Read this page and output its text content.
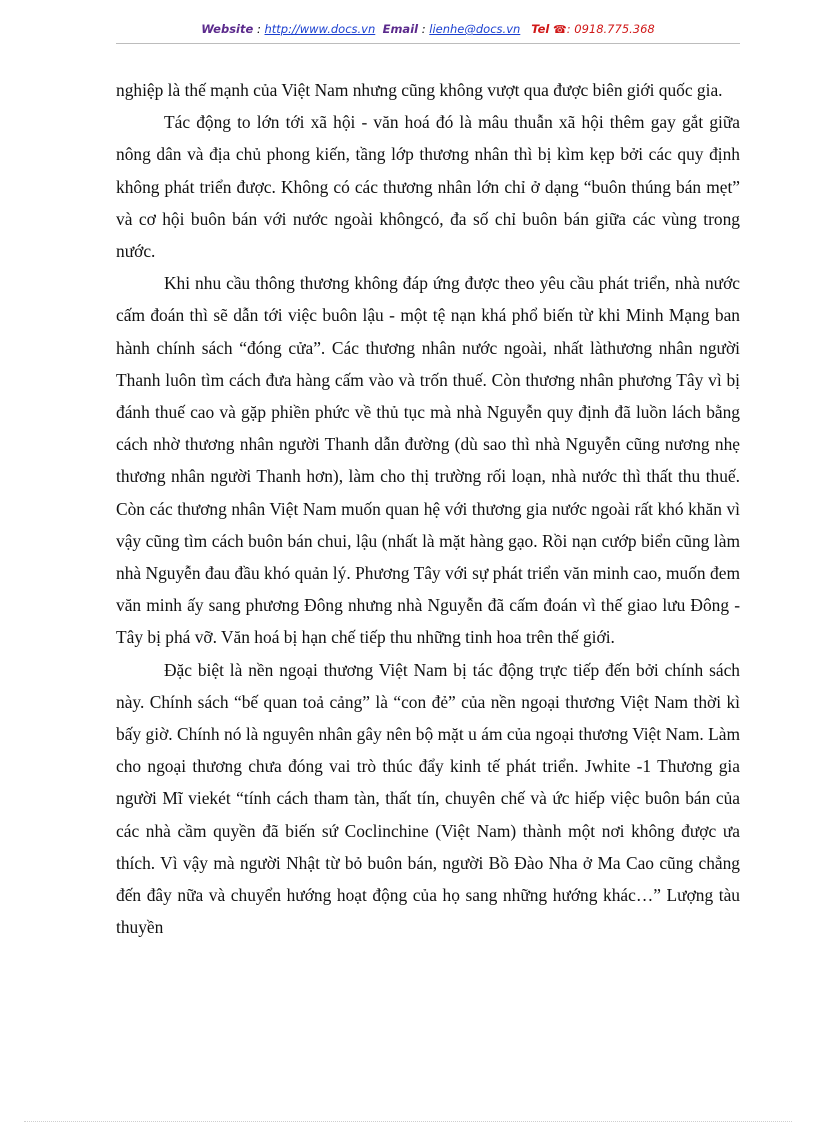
Website : http://www.docs.vn Email : lienhe@docs.vn Tel ☎: 0918.775.368

nghiệp là thế mạnh của Việt Nam nhưng cũng không vượt qua được biên giới quốc gia.

Tác động to lớn tới xã hội - văn hoá đó là mâu thuẫn xã hội thêm gay gắt giữa nông dân và địa chủ phong kiến, tầng lớp thương nhân thì bị kìm kẹp bởi các quy định không phát triển được. Không có các thương nhân lớn chỉ ở dạng “buôn thúng bán mẹt” và cơ hội buôn bán với nước ngoài khôngcó, đa số chỉ buôn bán giữa các vùng trong nước.

Khi nhu cầu thông thương không đáp ứng được theo yêu cầu phát triển, nhà nước cấm đoán thì sẽ dẫn tới việc buôn lậu - một tệ nạn khá phổ biến từ khi Minh Mạng ban hành chính sách “đóng cửa”. Các thương nhân nước ngoài, nhất làthương nhân người Thanh luôn tìm cách đưa hàng cấm vào và trốn thuế. Còn thương nhân phương Tây vì bị đánh thuế cao và gặp phiền phức về thủ tục mà nhà Nguyễn quy định đã luồn lách bằng cách nhờ thương nhân người Thanh dẫn đường (dù sao thì nhà Nguyễn cũng nương nhẹ thương nhân người Thanh hơn), làm cho thị trường rối loạn, nhà nước thì thất thu thuế. Còn các thương nhân Việt Nam muốn quan hệ với thương gia nước ngoài rất khó khăn vì vậy cũng tìm cách buôn bán chui, lậu (nhất là mặt hàng gạo. Rồi nạn cướp biển cũng làm nhà Nguyễn đau đầu khó quản lý. Phương Tây với sự phát triển văn minh cao, muốn đem văn minh ấy sang phương Đông nhưng nhà Nguyễn đã cấm đoán vì thế giao lưu Đông - Tây bị phá vỡ. Văn hoá bị hạn chế tiếp thu những tinh hoa trên thế giới.

Đặc biệt là nền ngoại thương Việt Nam bị tác động trực tiếp đến bởi chính sách này. Chính sách “bế quan toả cảng” là “con đẻ” của nền ngoại thương Việt Nam thời kì bấy giờ. Chính nó là nguyên nhân gây nên bộ mặt u ám của ngoại thương Việt Nam. Làm cho ngoại thương chưa đóng vai trò thúc đẩy kinh tế phát triển. Jwhite -1 Thương gia người Mĩ viekét “tính cách tham tàn, thất tín, chuyên chế và ức hiếp việc buôn bán của các nhà cầm quyền đã biến sứ Coclinchine (Việt Nam) thành một nơi không được ưa thích. Vì vậy mà người Nhật từ bỏ buôn bán, người Bồ Đào Nha ở Ma Cao cũng chẳng đến đây nữa và chuyển hướng hoạt động của họ sang những hướng khác…” Lượng tàu thuyền
